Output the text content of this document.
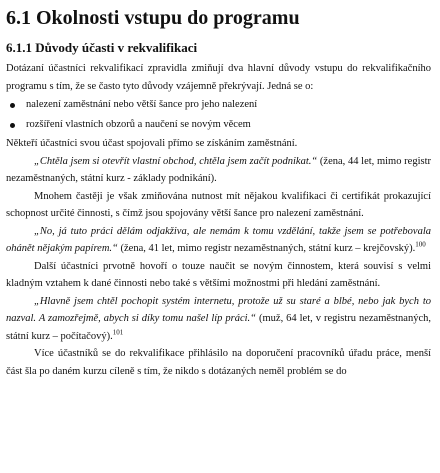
6.1 Okolnosti vstupu do programu
6.1.1 Důvody účasti v rekvalifikaci

Dotázaní účastníci rekvalifikací zpravidla zmiňují dva hlavní důvody vstupu do rekvalifikačního programu s tím, že se často tyto důvody vzájemně překrývají. Jedná se o:

nalezení zaměstnání nebo větší šance pro jeho nalezení
rozšíření vlastních obzorů a naučení se novým věcem

Někteří účastníci svou účast spojovali přímo se získáním zaměstnání.

„Chtěla jsem si otevřít vlastní obchod, chtěla jsem začít podnikat.“ (žena, 44 let, mimo registr nezaměstnaných, státní kurz - základy podnikání).

Mnohem častěji je však zmiňována nutnost mít nějakou kvalifikaci či certifikát prokazující schopnost určité činnosti, s čímž jsou spojovány větší šance pro nalezení zaměstnání.

„No, já tuto práci dělám odjakživa, ale nemám k tomu vzdělání, takže jsem se potřebovala ohánět nějakým papírem.“ (žena, 41 let, mimo registr nezaměstnaných, státní kurz – krejčovský).$^{100}$

Další účastníci prvotně hovoří o touze naučit se novým činnostem, která souvisí s velmi kladným vztahem k dané činnosti nebo také s většími možnostmi při hledání zaměstnání.

„Hlavně jsem chtěl pochopit systém internetu, protože už su staré a blbé, nebo jak bych to nazval. A zamozřejmě, abych si díky tomu našel líp práci.“ (muž, 64 let, v registru nezaměstnaných, státní kurz – počítačový).$^{101}$

Více účastníků se do rekvalifikace přihlásilo na doporučení pracovníků úřadu práce, menší část šla po daném kurzu cíleně s tím, že nikdo s dotázaných neměl problém se do
